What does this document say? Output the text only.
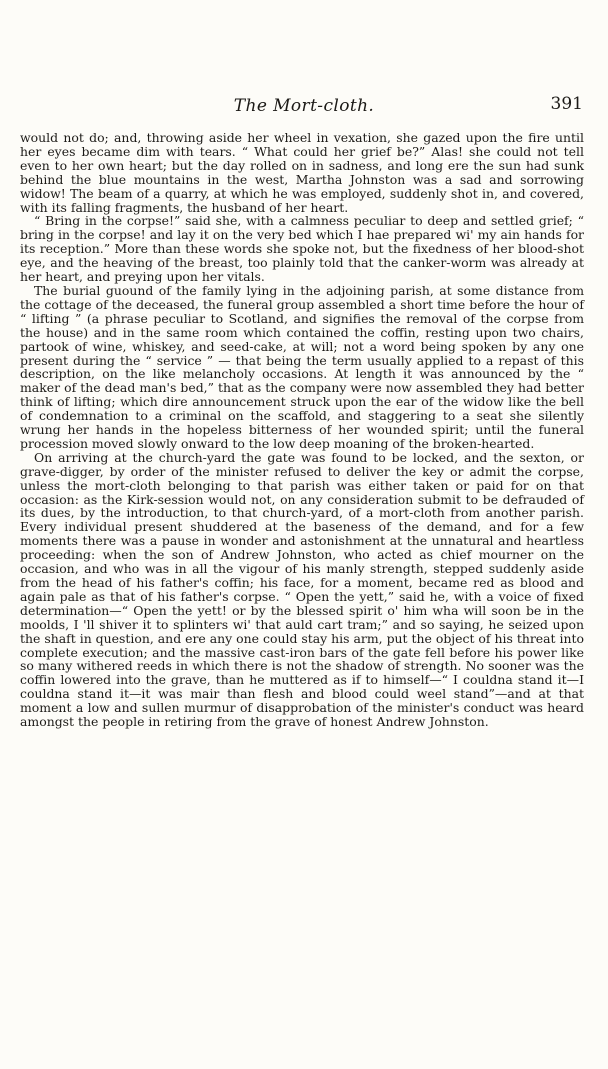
The Mort-cloth.	391

would not do; and, throwing aside her wheel in vexation, she gazed upon the fire until her eyes became dim with tears. “ What could her grief be?” Alas! she could not tell even to her own heart; but the day rolled on in sadness, and long ere the sun had sunk behind the blue mountains in the west, Martha Johnston was a sad and sorrowing widow! The beam of a quarry, at which he was employed, suddenly shot in, and covered, with its falling fragments, the husband of her heart.

“ Bring in the corpse!” said she, with a calmness peculiar to deep and settled grief; “ bring in the corpse! and lay it on the very bed which I hae prepared wi' my ain hands for its reception.” More than these words she spoke not, but the fixedness of her blood-shot eye, and the heaving of the breast, too plainly told that the canker-worm was already at her heart, and preying upon her vitals.

The burial guound of the family lying in the adjoining parish, at some distance from the cottage of the deceased, the funeral group assembled a short time before the hour of “ lifting ” (a phrase peculiar to Scotland, and signifies the removal of the corpse from the house) and in the same room which contained the coffin, resting upon two chairs, partook of wine, whiskey, and seed-cake, at will; not a word being spoken by any one present during the “ service ” — that being the term usually applied to a repast of this description, on the like melancholy occasions. At length it was announced by the “ maker of the dead man's bed,” that as the company were now assembled they had better think of lifting; which dire announcement struck upon the ear of the widow like the bell of condemnation to a criminal on the scaffold, and staggering to a seat she silently wrung her hands in the hopeless bitterness of her wounded spirit; until the funeral procession moved slowly onward to the low deep moaning of the broken-hearted.

On arriving at the church-yard the gate was found to be locked, and the sexton, or grave-digger, by order of the minister refused to deliver the key or admit the corpse, unless the mort-cloth belonging to that parish was either taken or paid for on that occasion: as the Kirk-session would not, on any consideration submit to be defrauded of its dues, by the introduction, to that church-yard, of a mort-cloth from another parish. Every individual present shuddered at the baseness of the demand, and for a few moments there was a pause in wonder and astonishment at the unnatural and heartless proceeding: when the son of Andrew Johnston, who acted as chief mourner on the occasion, and who was in all the vigour of his manly strength, stepped suddenly aside from the head of his father's coffin; his face, for a moment, became red as blood and again pale as that of his father's corpse. “ Open the yett,” said he, with a voice of fixed determination—“ Open the yett! or by the blessed spirit o' him wha will soon be in the moolds, I 'll shiver it to splinters wi' that auld cart tram;” and so saying, he seized upon the shaft in question, and ere any one could stay his arm, put the object of his threat into complete execution; and the massive cast-iron bars of the gate fell before his power like so many withered reeds in which there is not the shadow of strength. No sooner was the coffin lowered into the grave, than he muttered as if to himself—“ I couldna stand it—I couldna stand it—it was mair than flesh and blood could weel stand”—and at that moment a low and sullen murmur of disapprobation of the minister's conduct was heard amongst the people in retiring from the grave of honest Andrew Johnston.
